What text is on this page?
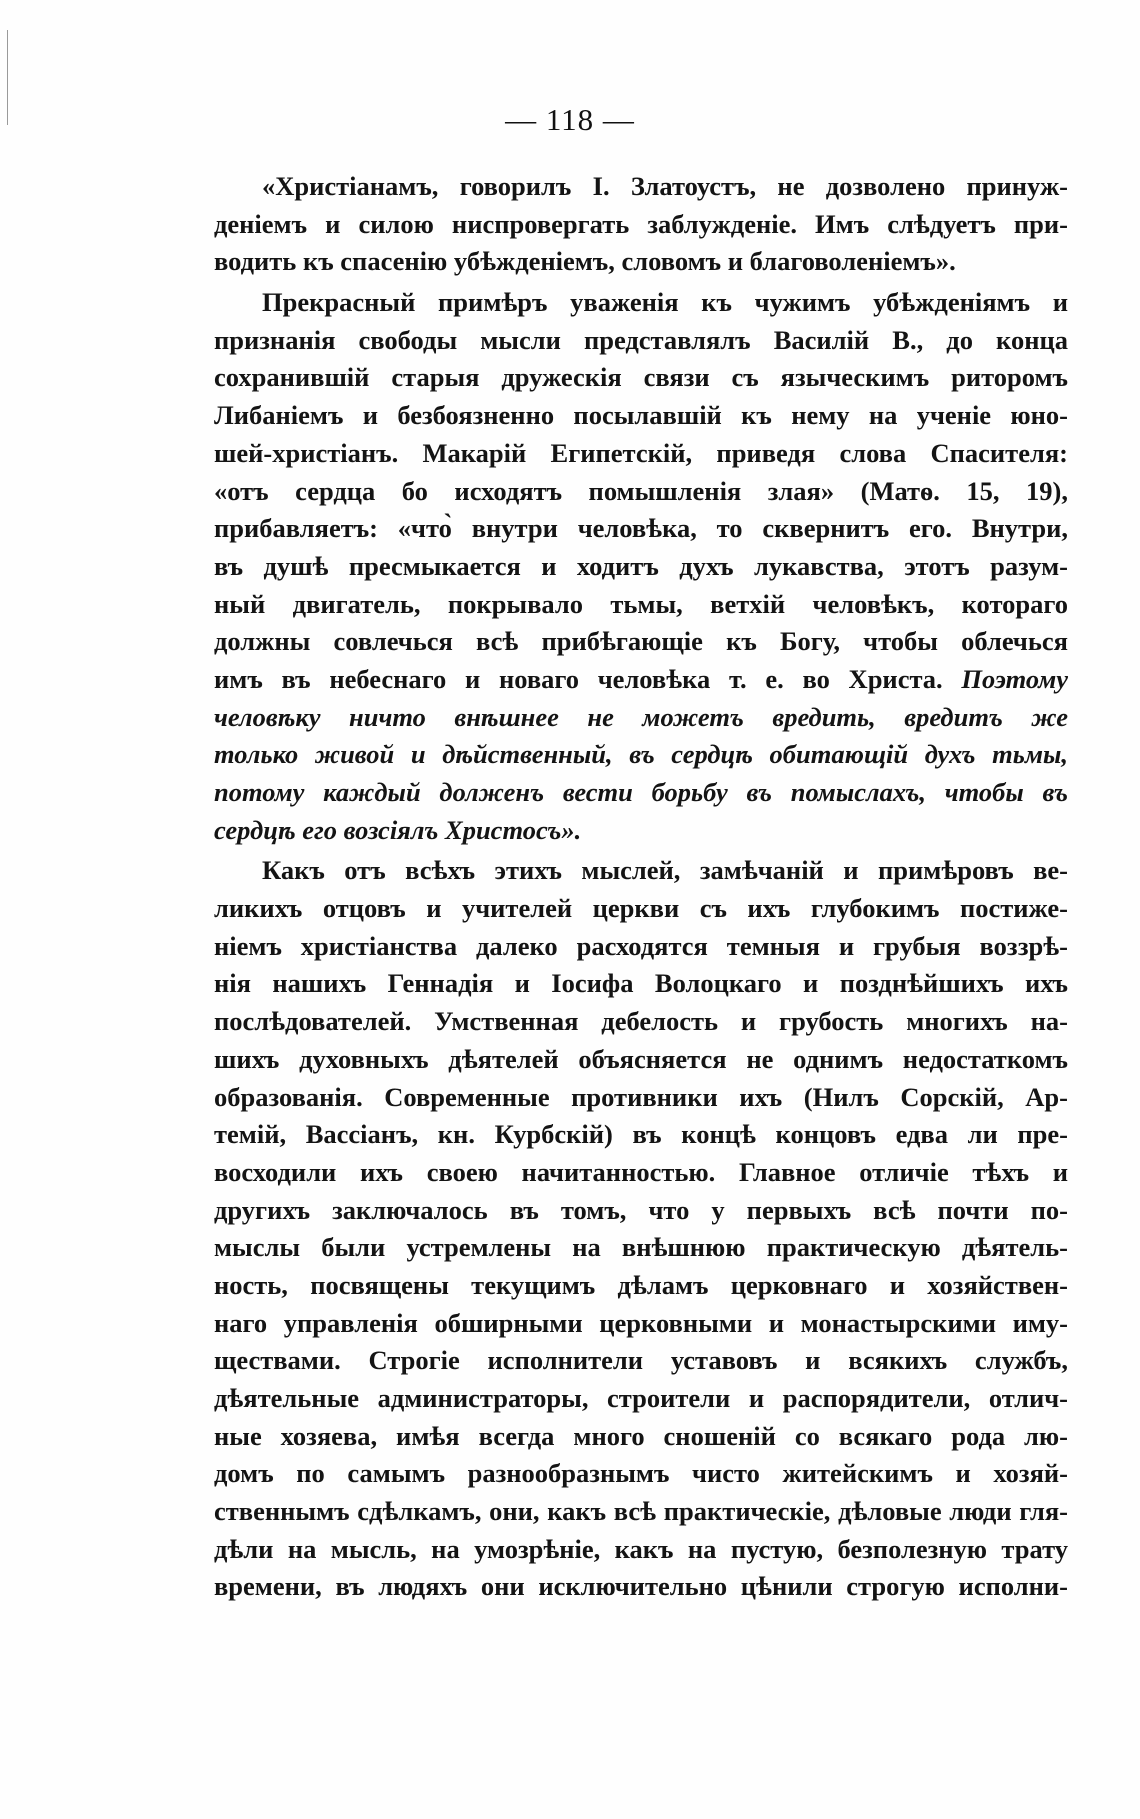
— 118 —
«Христіанамъ, говорилъ I. Златоустъ, не дозволено принуж-
деніемъ и силою ниспровергать заблужденіе. Имъ слѣдуетъ при-
водить къ спасенію убѣжденіемъ, словомъ и благоволеніемъ».
Прекрасный примѣръ уваженія къ чужимъ убѣжденіямъ и
признанія свободы мысли представлялъ Василій В., до конца
сохранившій старыя дружескія связи съ языческимъ риторомъ
Либаніемъ и безбоязненно посылавшій къ нему на ученіе юно-
шей-христіанъ. Макарій Египетскій, приведя слова Спасителя:
«отъ сердца бо исходятъ помышленія злая» (Матѳ. 15, 19),
прибавляетъ: «что̀ внутри человѣка, то сквернитъ его. Внутри,
въ душѣ пресмыкается и ходитъ духъ лукавства, этотъ разум-
ный двигатель, покрывало тьмы, ветхій человѣкъ, котораго
должны совлечься всѣ прибѣгающіе къ Богу, чтобы облечься
имъ въ небеснаго и новаго человѣка т. е. во Христа. Поэтому
человѣку ничто внѣшнее не можетъ вредить, вредитъ же
только живой и дѣйственный, въ сердцѣ обитающій духъ тьмы,
потому каждый долженъ вести борьбу въ помыслахъ, чтобы въ
сердцѣ его возсіялъ Христосъ».
Какъ отъ всѣхъ этихъ мыслей, замѣчаній и примѣровъ ве-
ликихъ отцовъ и учителей церкви съ ихъ глубокимъ постиже-
ніемъ христіанства далеко расходятся темныя и грубыя воззрѣ-
нія нашихъ Геннадія и Іосифа Волоцкаго и позднѣйшихъ ихъ
послѣдователей. Умственная дебелость и грубость многихъ на-
шихъ духовныхъ дѣятелей объясняется не однимъ недостаткомъ
образованія. Современные противники ихъ (Нилъ Сорскій, Ар-
темій, Вассіанъ, кн. Курбскій) въ концѣ концовъ едва ли пре-
восходили ихъ своею начитанностью. Главное отличіе тѣхъ и
другихъ заключалось въ томъ, что у первыхъ всѣ почти по-
мыслы были устремлены на внѣшнюю практическую дѣятель-
ность, посвящены текущимъ дѣламъ церковнаго и хозяйствен-
наго управленія обширными церковными и монастырскими иму-
ществами. Строгіе исполнители уставовъ и всякихъ службъ,
дѣятельные администраторы, строители и распорядители, отлич-
ные хозяева, имѣя всегда много сношеній со всякаго рода лю-
домъ по самымъ разнообразнымъ чисто житейскимъ и хозяй-
ственнымъ сдѣлкамъ, они, какъ всѣ практическіе, дѣловые люди гля-
дѣли на мысль, на умозрѣніе, какъ на пустую, безполезную трату
времени, въ людяхъ они исключительно цѣнили строгую исполни-
